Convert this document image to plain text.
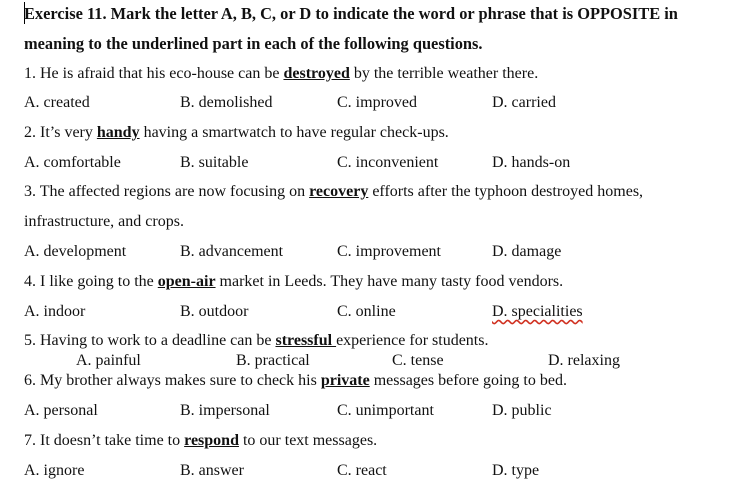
Exercise 11. Mark the letter A, B, C, or D to indicate the word or phrase that is OPPOSITE in
meaning to the underlined part in each of the following questions.
1. He is afraid that his eco-house can be destroyed by the terrible weather there.
A. created	B. demolished	C. improved	D. carried
2. It’s very handy having a smartwatch to have regular check-ups.
A. comfortable	B. suitable	C. inconvenient	D. hands-on
3. The affected regions are now focusing on recovery efforts after the typhoon destroyed homes,
infrastructure, and crops.
A. development	B. advancement	C. improvement	D. damage
4. I like going to the open-air market in Leeds. They have many tasty food vendors.
A. indoor	B. outdoor	C. online	D. specialities
5. Having to work to a deadline can be stressful experience for students.
A. painful	B. practical	C. tense	D. relaxing
6. My brother always makes sure to check his private messages before going to bed.
A. personal	B. impersonal	C. unimportant	D. public
7. It doesn’t take time to respond to our text messages.
A. ignore	B. answer	C. react	D. type
